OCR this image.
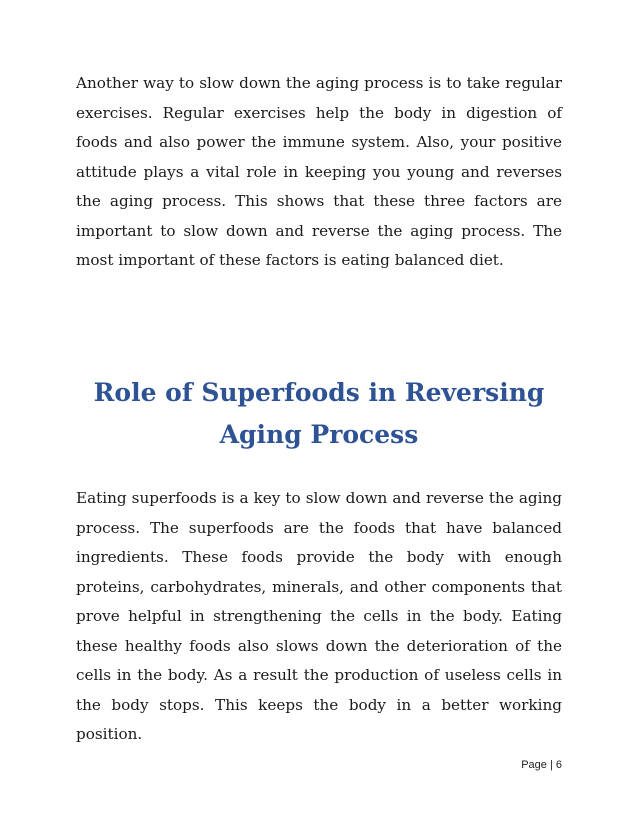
Another way to slow down the aging process is to take regular exercises. Regular exercises help the body in digestion of foods and also power the immune system. Also, your positive attitude plays a vital role in keeping you young and reverses the aging process. This shows that these three factors are important to slow down and reverse the aging process. The most important of these factors is eating balanced diet.

Role of Superfoods in Reversing Aging Process

Eating superfoods is a key to slow down and reverse the aging process. The superfoods are the foods that have balanced ingredients. These foods provide the body with enough proteins, carbohydrates, minerals, and other components that prove helpful in strengthening the cells in the body. Eating these healthy foods also slows down the deterioration of the cells in the body. As a result the production of useless cells in the body stops. This keeps the body in a better working position.

Page | 6
